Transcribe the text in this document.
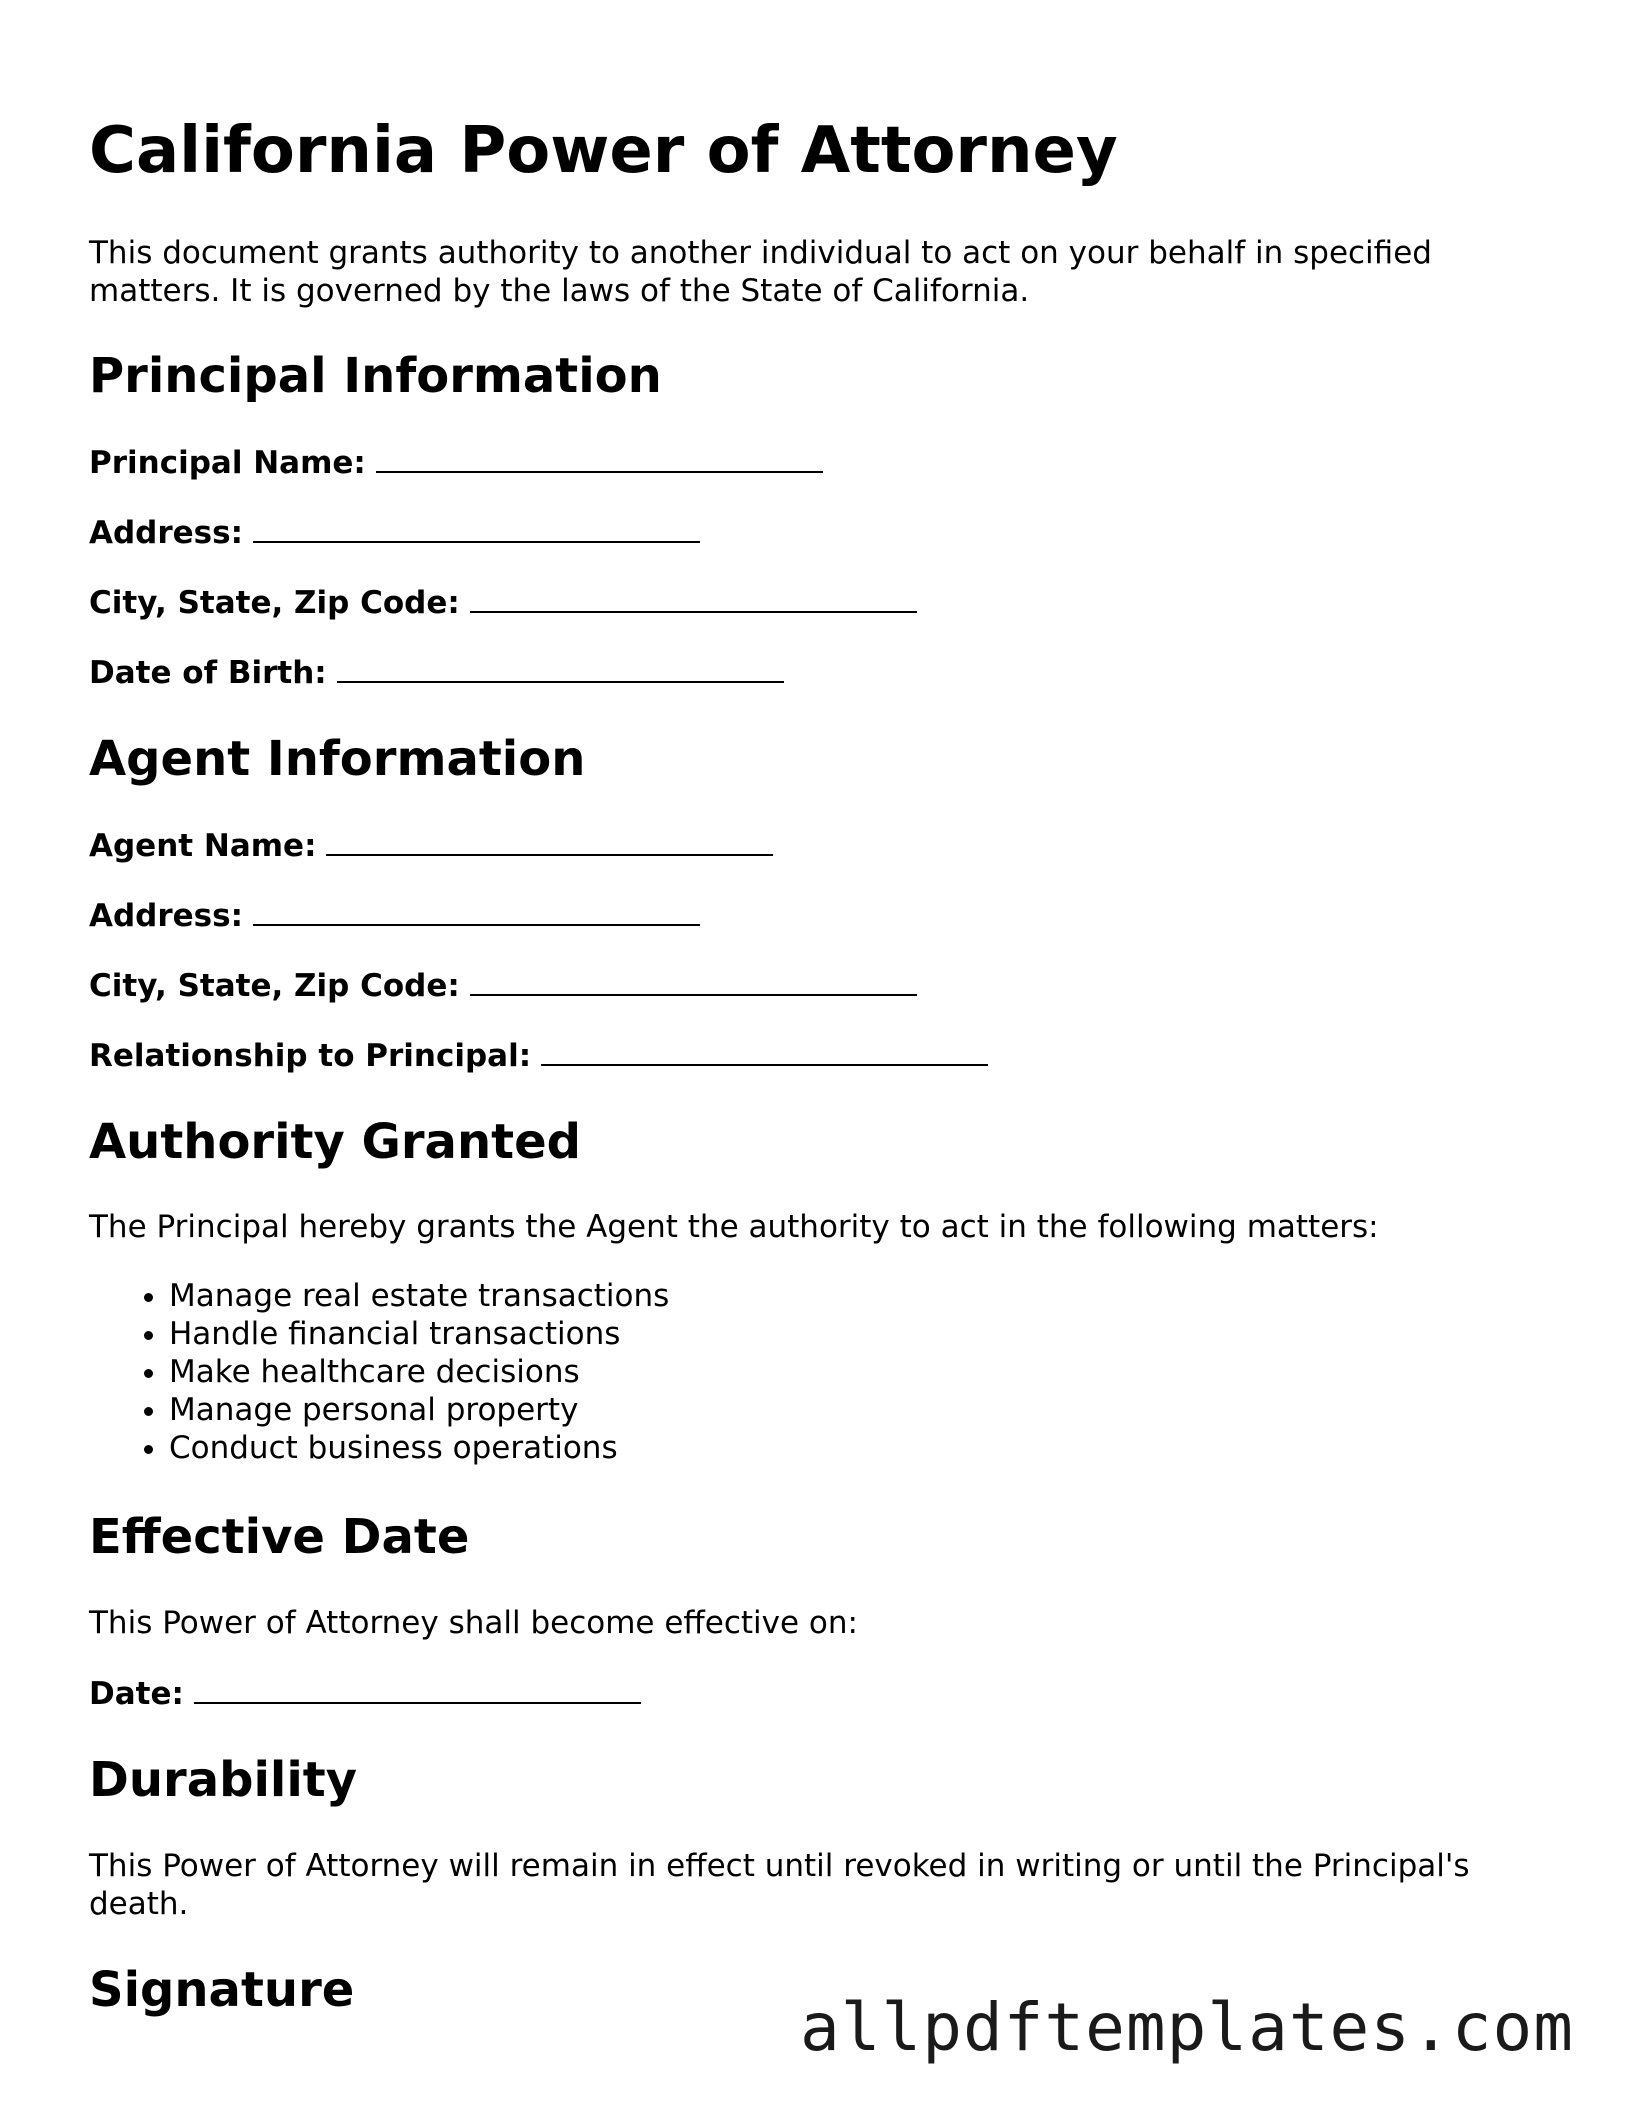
California Power of Attorney

This document grants authority to another individual to act on your behalf in specified matters. It is governed by the laws of the State of California.

Principal Information
Principal Name:
Address:
City, State, Zip Code:
Date of Birth:
Agent Information
Agent Name:
Address:
City, State, Zip Code:
Relationship to Principal:
Authority Granted

The Principal hereby grants the Agent the authority to act in the following matters:

• Manage real estate transactions
• Handle financial transactions
• Make healthcare decisions
• Manage personal property
• Conduct business operations
Effective Date

This Power of Attorney shall become effective on:

Date:
Durability

This Power of Attorney will remain in effect until revoked in writing or until the Principal's death.

Signature	allpdftemplates.com
